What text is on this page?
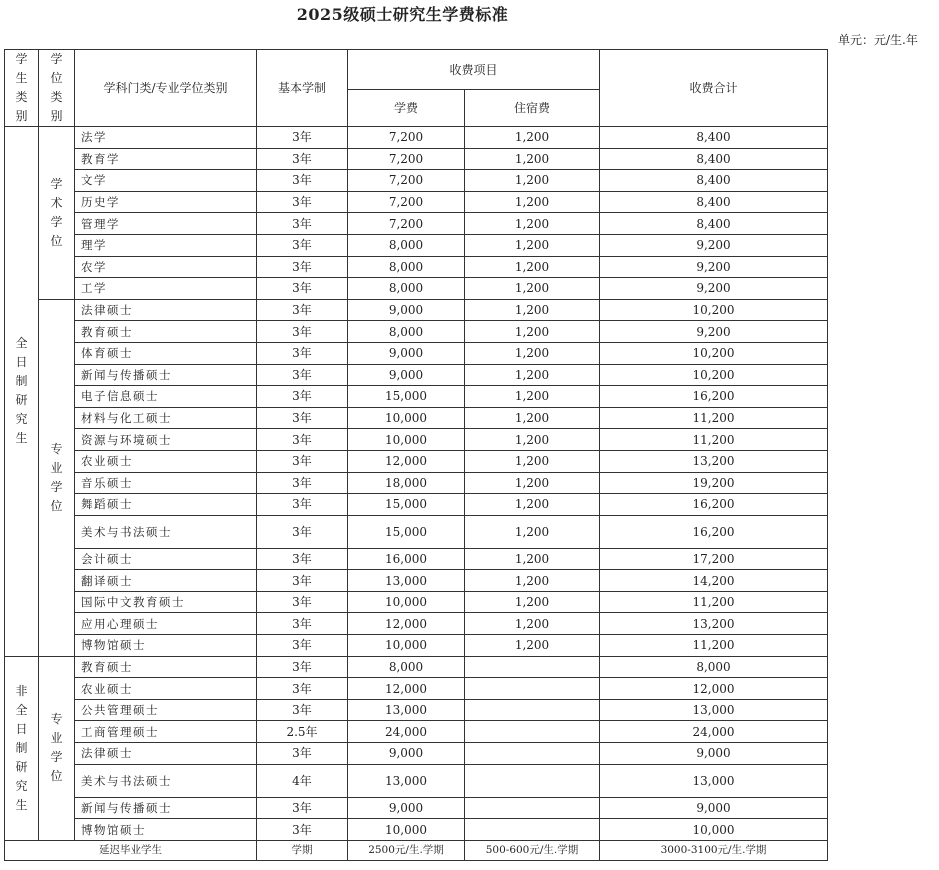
2025级硕士研究生学费标准
单元：元/生.年
学生类别	学位类别	学科门类/专业学位类别	基本学制	收费项目		收费合计
				学费	住宿费	
全日制研究生	学术学位	法学	3年	7,200	1,200	8,400
		教育学	3年	7,200	1,200	8,400
		文学	3年	7,200	1,200	8,400
		历史学	3年	7,200	1,200	8,400
		管理学	3年	7,200	1,200	8,400
		理学	3年	8,000	1,200	9,200
		农学	3年	8,000	1,200	9,200
		工学	3年	8,000	1,200	9,200
	专业学位	法律硕士	3年	9,000	1,200	10,200
		教育硕士	3年	8,000	1,200	9,200
		体育硕士	3年	9,000	1,200	10,200
		新闻与传播硕士	3年	9,000	1,200	10,200
		电子信息硕士	3年	15,000	1,200	16,200
		材料与化工硕士	3年	10,000	1,200	11,200
		资源与环境硕士	3年	10,000	1,200	11,200
		农业硕士	3年	12,000	1,200	13,200
		音乐硕士	3年	18,000	1,200	19,200
		舞蹈硕士	3年	15,000	1,200	16,200
		美术与书法硕士	3年	15,000	1,200	16,200
		会计硕士	3年	16,000	1,200	17,200
		翻译硕士	3年	13,000	1,200	14,200
		国际中文教育硕士	3年	10,000	1,200	11,200
		应用心理硕士	3年	12,000	1,200	13,200
		博物馆硕士	3年	10,000	1,200	11,200
非全日制研究生	专业学位	教育硕士	3年	8,000		8,000
		农业硕士	3年	12,000		12,000
		公共管理硕士	3年	13,000		13,000
		工商管理硕士	2.5年	24,000		24,000
		法律硕士	3年	9,000		9,000
		美术与书法硕士	4年	13,000		13,000
		新闻与传播硕士	3年	9,000		9,000
		博物馆硕士	3年	10,000		10,000
延迟毕业学生			学期	2500元/生.学期	500-600元/生.学期	3000-3100元/生.学期
